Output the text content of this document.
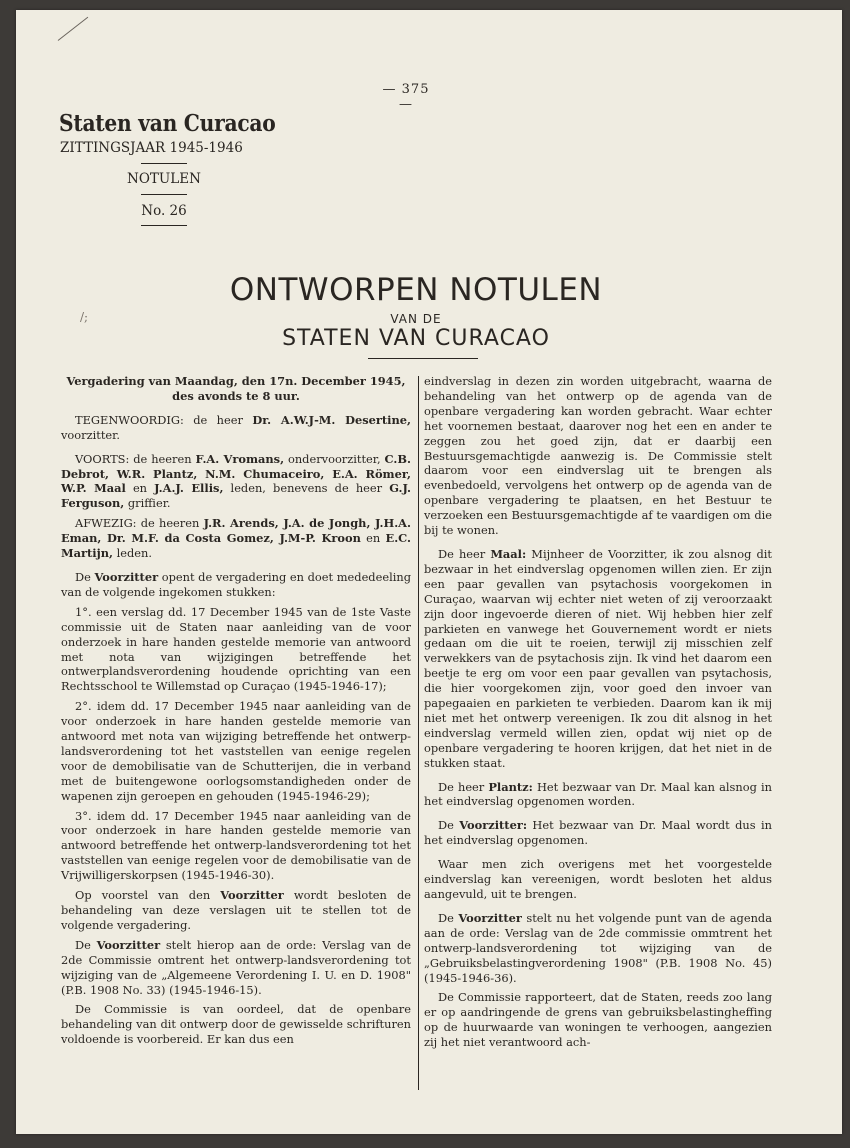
— 375 —
Staten van Curacao
ZITTINGSJAAR 1945-1946
NOTULEN
No. 26
/;
ONTWORPEN NOTULEN
VAN DE
STATEN VAN CURACAO

Vergadering van Maandag, den 17n. December 1945, des avonds te 8 uur.

TEGENWOORDIG: de heer Dr. A.W.J-M. Desertine, voorzitter.

VOORTS: de heeren F.A. Vromans, ondervoorzitter, C.B. Debrot, W.R. Plantz, N.M. Chumaceiro, E.A. Römer, W.P. Maal en J.A.J. Ellis, leden, benevens de heer G.J. Ferguson, griffier.

AFWEZIG: de heeren J.R. Arends, J.A. de Jongh, J.H.A. Eman, Dr. M.F. da Costa Gomez, J.M-P. Kroon en E.C. Martijn, leden.

De Voorzitter opent de vergadering en doet mededeeling van de volgende ingekomen stukken:

1°. een verslag dd. 17 December 1945 van de 1ste Vaste commissie uit de Staten naar aanleiding van de voor onderzoek in hare handen gestelde memorie van antwoord met nota van wijzigingen betreffende het ontwerplandsverordening houdende oprichting van een Rechtsschool te Willemstad op Curaçao (1945-1946-17);

2°. idem dd. 17 December 1945 naar aanleiding van de voor onderzoek in hare handen gestelde memorie van antwoord met nota van wijziging betreffende het ontwerp-landsverordening tot het vaststellen van eenige regelen voor de demobilisatie van de Schutterijen, die in verband met de buitengewone oorlogsomstandigheden onder de wapenen zijn geroepen en gehouden (1945-1946-29);

3°. idem dd. 17 December 1945 naar aanleiding van de voor onderzoek in hare handen gestelde memorie van antwoord betreffende het ontwerp-landsverordening tot het vaststellen van eenige regelen voor de demobilisatie van de Vrijwilligerskorpsen (1945-1946-30).

Op voorstel van den Voorzitter wordt besloten de behandeling van deze verslagen uit te stellen tot de volgende vergadering.

De Voorzitter stelt hierop aan de orde: Verslag van de 2de Commissie omtrent het ontwerp-landsverordening tot wijziging van de „Algemeene Verordening I. U. en D. 1908" (P.B. 1908 No. 33) (1945-1946-15).

De Commissie is van oordeel, dat de openbare behandeling van dit ontwerp door de gewisselde schrifturen voldoende is voorbereid. Er kan dus een

eindverslag in dezen zin worden uitgebracht, waarna de behandeling van het ontwerp op de agenda van de openbare vergadering kan worden gebracht. Waar echter het voornemen bestaat, daarover nog het een en ander te zeggen zou het goed zijn, dat er daarbij een Bestuursgemachtigde aanwezig is. De Commissie stelt daarom voor een eindverslag uit te brengen als evenbedoeld, vervolgens het ontwerp op de agenda van de openbare vergadering te plaatsen, en het Bestuur te verzoeken een Bestuursgemachtigde af te vaardigen om die bij te wonen.

De heer Maal: Mijnheer de Voorzitter, ik zou alsnog dit bezwaar in het eindverslag opgenomen willen zien. Er zijn een paar gevallen van psytachosis voorgekomen in Curaçao, waarvan wij echter niet weten of zij veroorzaakt zijn door ingevoerde dieren of niet. Wij hebben hier zelf parkieten en vanwege het Gouvernement wordt er niets gedaan om die uit te roeien, terwijl zij misschien zelf verwekkers van de psytachosis zijn. Ik vind het daarom een beetje te erg om voor een paar gevallen van psytachosis, die hier voorgekomen zijn, voor goed den invoer van papegaaien en parkieten te verbieden. Daarom kan ik mij niet met het ontwerp vereenigen. Ik zou dit alsnog in het eindverslag vermeld willen zien, opdat wij niet op de openbare vergadering te hooren krijgen, dat het niet in de stukken staat.

De heer Plantz: Het bezwaar van Dr. Maal kan alsnog in het eindverslag opgenomen worden.

De Voorzitter: Het bezwaar van Dr. Maal wordt dus in het eindverslag opgenomen.

Waar men zich overigens met het voorgestelde eindverslag kan vereenigen, wordt besloten het aldus aangevuld, uit te brengen.

De Voorzitter stelt nu het volgende punt van de agenda aan de orde: Verslag van de 2de commissie ommtrent het ontwerp-landsverordening tot wijziging van de „Gebruiksbelastingverordening 1908" (P.B. 1908 No. 45) (1945-1946-36).

De Commissie rapporteert, dat de Staten, reeds zoo lang er op aandringende de grens van gebruiksbelastingheffing op de huurwaarde van woningen te verhoogen, aangezien zij het niet verantwoord ach-
